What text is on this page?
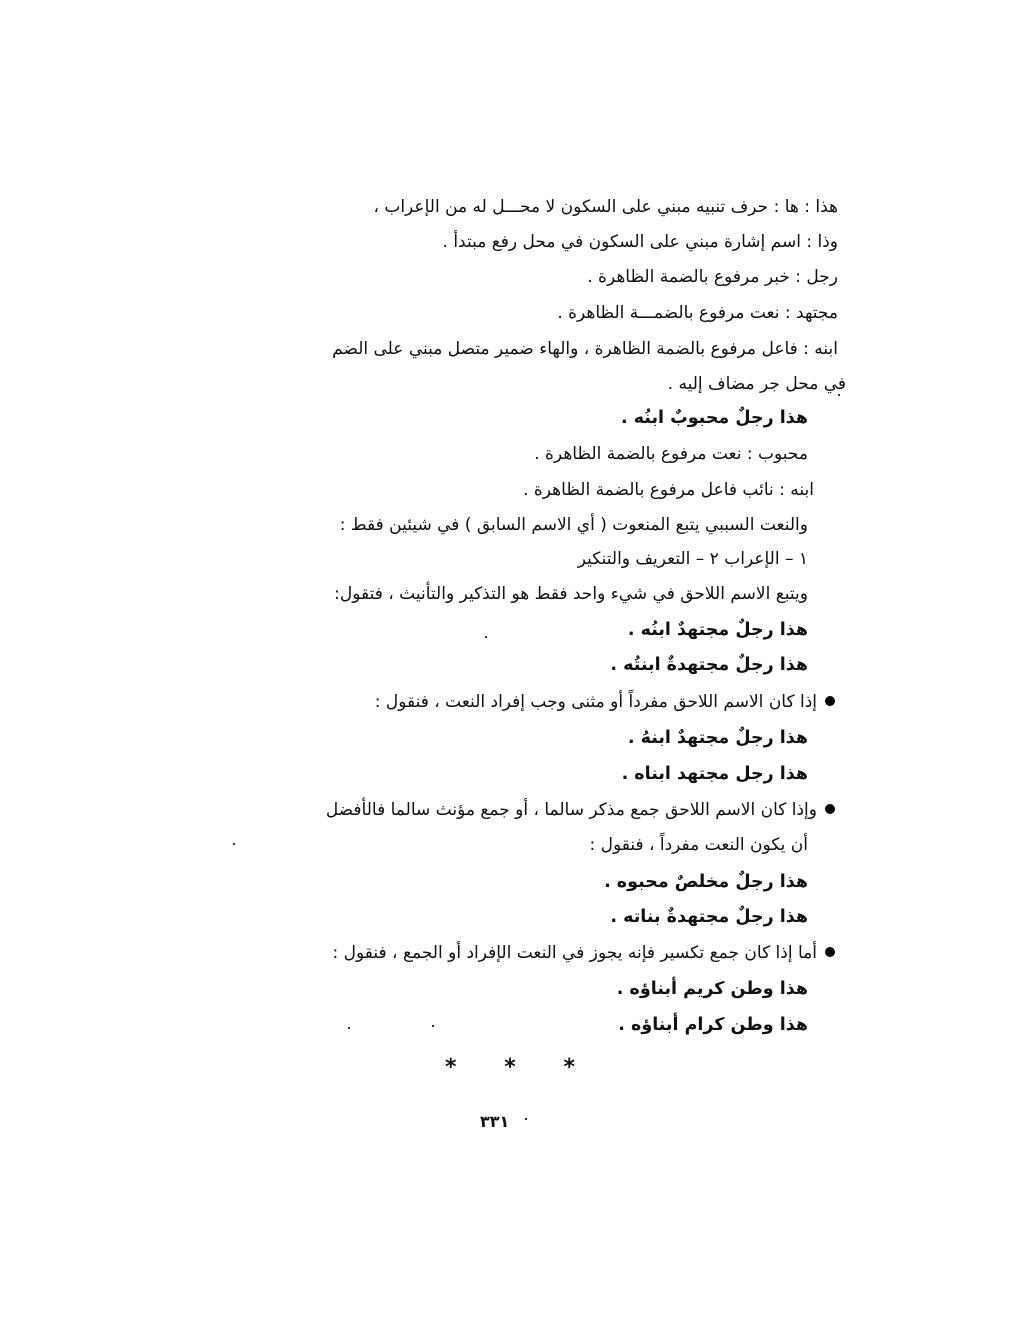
هذا : ها : حرف تنبيه مبني على السكون لا محـــل له من الإعراب ،
وذا : اسم إشارة مبني على السكون في محل رفع مبتدأ .
رجل : خبر مرفوع بالضمة الظاهرة .
مجتهد : نعت مرفوع بالضمـــة الظاهرة .
ابنه : فاعل مرفوع بالضمة الظاهرة ، والهاء ضمير متصل مبني على الضم
في محل جر مضاف إليه .
هذا رجلٌ محبوبٌ ابنُه .
محبوب : نعت مرفوع بالضمة الظاهرة .
ابنه : نائب فاعل مرفوع بالضمة الظاهرة .
والنعت السببي يتبع المنعوت ( أي الاسم السابق ) في شيئين فقط :
١ – الإعراب ٢ – التعريف والتنكير
ويتبع الاسم اللاحق في شيء واحد فقط هو التذكير والتأنيث ، فتقول:
هذا رجلٌ مجتهدٌ ابنُه .
هذا رجلٌ مجتهدةٌ ابنتُه .
إذا كان الاسم اللاحق مفرداً أو مثنى وجب إفراد النعت ، فنقول :
هذا رجلٌ مجتهدٌ ابنهُ .
هذا رجل مجتهد ابناه .
وإذا كان الاسم اللاحق جمع مذكر سالما ، أو جمع مؤنث سالما فالأفضل
أن يكون النعت مفرداً ، فنقول :
هذا رجلٌ مخلصٌ محبوه .
هذا رجلٌ مجتهدةٌ بناته .
أما إذا كان جمع تكسير فإنه يجوز في النعت الإفراد أو الجمع ، فنقول :
هذا وطن كريم أبناؤه .
هذا وطن كرام أبناؤه .
* * *
٣٣١
